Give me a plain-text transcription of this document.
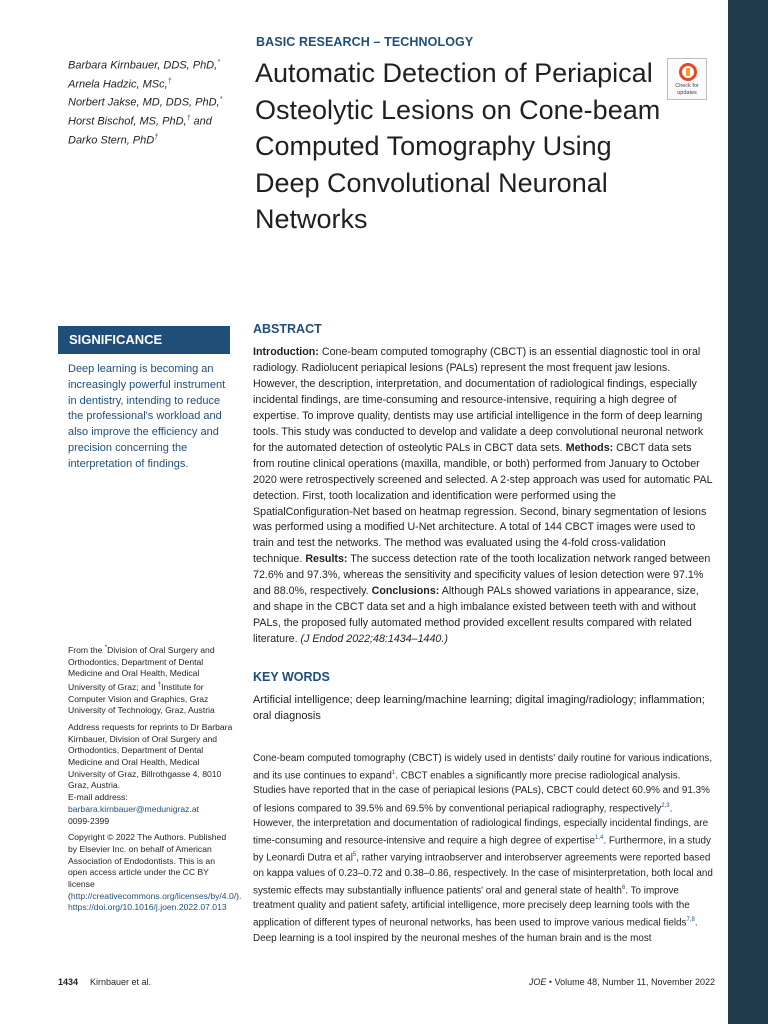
BASIC RESEARCH – TECHNOLOGY
Automatic Detection of Periapical Osteolytic Lesions on Cone-beam Computed Tomography Using Deep Convolutional Neuronal Networks
Check for updates
Barbara Kirnbauer, DDS, PhD,*
Arnela Hadzic, MSc,†
Norbert Jakse, MD, DDS, PhD,*
Horst Bischof, MS, PhD,† and
Darko Stern, PhD†
SIGNIFICANCE
Deep learning is becoming an increasingly powerful instrument in dentistry, intending to reduce the professional's workload and also improve the efficiency and precision concerning the interpretation of findings.
ABSTRACT
Introduction: Cone-beam computed tomography (CBCT) is an essential diagnostic tool in oral radiology. Radiolucent periapical lesions (PALs) represent the most frequent jaw lesions. However, the description, interpretation, and documentation of radiological findings, especially incidental findings, are time-consuming and resource-intensive, requiring a high degree of expertise. To improve quality, dentists may use artificial intelligence in the form of deep learning tools. This study was conducted to develop and validate a deep convolutional neuronal network for the automated detection of osteolytic PALs in CBCT data sets. Methods: CBCT data sets from routine clinical operations (maxilla, mandible, or both) performed from January to October 2020 were retrospectively screened and selected. A 2-step approach was used for automatic PAL detection. First, tooth localization and identification were performed using the SpatialConfiguration-Net based on heatmap regression. Second, binary segmentation of lesions was performed using a modified U-Net architecture. A total of 144 CBCT images were used to train and test the networks. The method was evaluated using the 4-fold cross-validation technique. Results: The success detection rate of the tooth localization network ranged between 72.6% and 97.3%, whereas the sensitivity and specificity values of lesion detection were 97.1% and 88.0%, respectively. Conclusions: Although PALs showed variations in appearance, size, and shape in the CBCT data set and a high imbalance existed between teeth with and without PALs, the proposed fully automated method provided excellent results compared with related literature. (J Endod 2022;48:1434–1440.)
KEY WORDS
Artificial intelligence; deep learning/machine learning; digital imaging/radiology; inflammation; oral diagnosis

From the *Division of Oral Surgery and Orthodontics, Department of Dental Medicine and Oral Health, Medical University of Graz; and †Institute for Computer Vision and Graphics, Graz University of Technology, Graz, Austria

Address requests for reprints to Dr Barbara Kirnbauer, Division of Oral Surgery and Orthodontics, Department of Dental Medicine and Oral Health, Medical University of Graz, Billrothgasse 4, 8010 Graz, Austria.
E-mail address: barbara.kirnbauer@medunigraz.at
0099-2399

Copyright © 2022 The Authors. Published by Elsevier Inc. on behalf of American Association of Endodontists. This is an open access article under the CC BY license (http://creativecommons.org/licenses/by/4.0/).
https://doi.org/10.1016/j.joen.2022.07.013

Cone-beam computed tomography (CBCT) is widely used in dentists' daily routine for various indications, and its use continues to expand$^1$. CBCT enables a significantly more precise radiological analysis. Studies have reported that in the case of periapical lesions (PALs), CBCT could detect 60.9% and 91.3% of lesions compared to 39.5% and 69.5% by conventional periapical radiography, respectively$^{2,3}$. However, the interpretation and documentation of radiological findings, especially incidental findings, are time-consuming and resource-intensive and require a high degree of expertise$^{1,4}$. Furthermore, in a study by Leonardi Dutra et $al^5$, rather varying intraobserver and interobserver agreements were reported based on kappa values of 0.23–0.72 and 0.38–0.86, respectively. In the case of misinterpretation, both local and systemic effects may substantially influence patients' oral and general state of health$^6$. To improve treatment quality and patient safety, artificial intelligence, more precisely deep learning tools with the application of different types of neuronal networks, has been used to improve various medical fields$^{7,8}$. Deep learning is a tool inspired by the neuronal meshes of the human brain and is the most
1434 Kirnbauer et al.	JOE • Volume 48, Number 11, November 2022
